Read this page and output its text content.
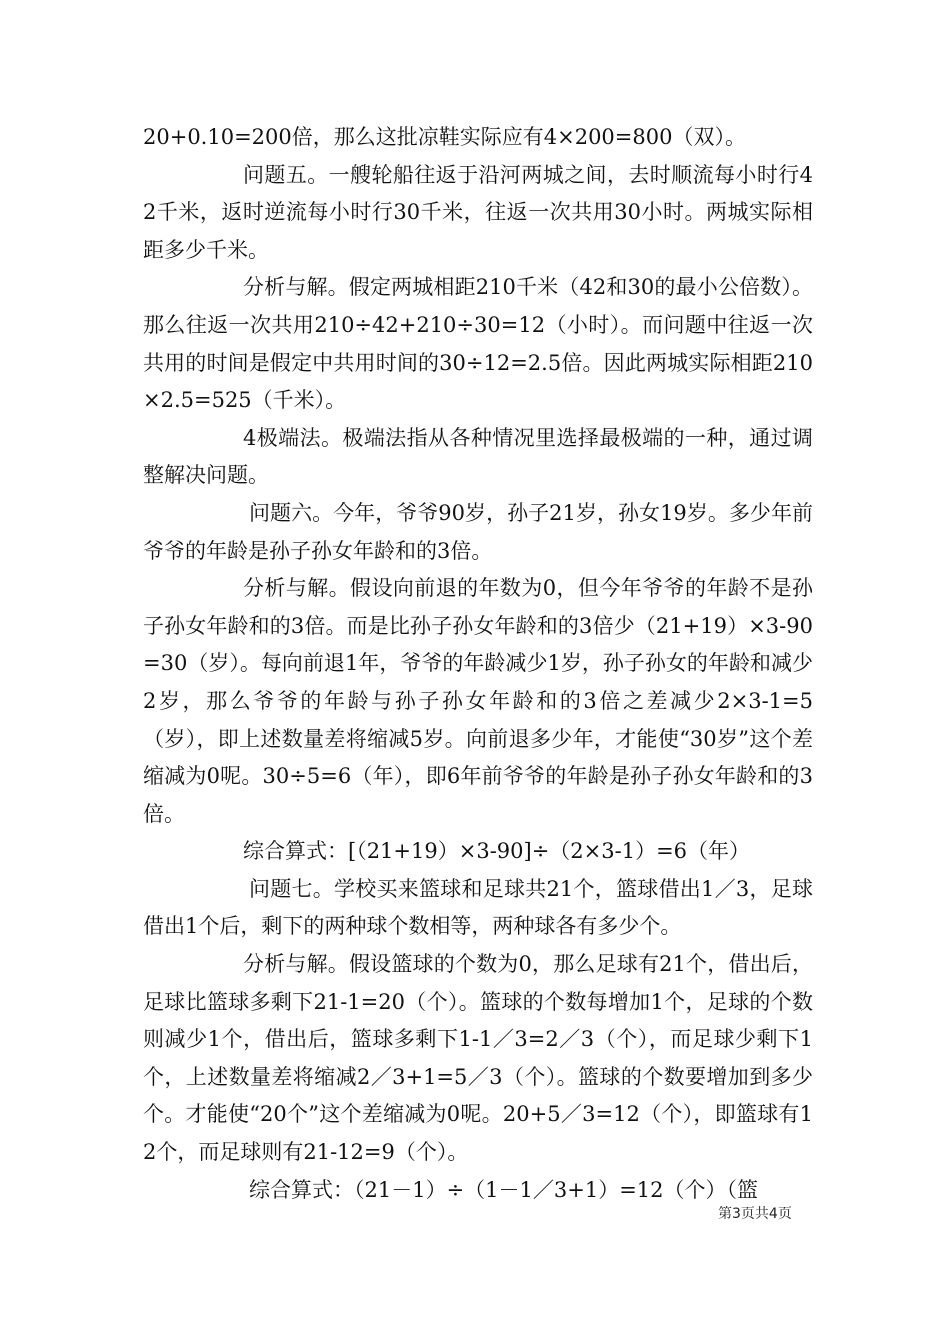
20+0.10=200倍，那么这批凉鞋实际应有4×200=800（双）。

问题五。一艘轮船往返于沿河两城之间，去时顺流每小时行42千米，返时逆流每小时行30千米，往返一次共用30小时。两城实际相距多少千米。

分析与解。假定两城相距210千米（42和30的最小公倍数）。那么往返一次共用210÷42+210÷30=12（小时）。而问题中往返一次共用的时间是假定中共用时间的30÷12=2.5倍。因此两城实际相距210×2.5=525（千米）。

4极端法。极端法指从各种情况里选择最极端的一种，通过调整解决问题。

问题六。今年，爷爷90岁，孙子21岁，孙女19岁。多少年前爷爷的年龄是孙子孙女年龄和的3倍。

分析与解。假设向前退的年数为0，但今年爷爷的年龄不是孙子孙女年龄和的3倍。而是比孙子孙女年龄和的3倍少（21+19）×3-90=30（岁）。每向前退1年，爷爷的年龄减少1岁，孙子孙女的年龄和减少2岁，那么爷爷的年龄与孙子孙女年龄和的3倍之差减少2×3-1=5（岁），即上述数量差将缩减5岁。向前退多少年，才能使“30岁”这个差缩减为0呢。30÷5=6（年），即6年前爷爷的年龄是孙子孙女年龄和的3倍。

综合算式：[（21+19）×3-90]÷（2×3-1）=6（年）

问题七。学校买来篮球和足球共21个，篮球借出1／3，足球借出1个后，剩下的两种球个数相等，两种球各有多少个。

分析与解。假设篮球的个数为0，那么足球有21个，借出后，足球比篮球多剩下21-1=20（个）。篮球的个数每增加1个，足球的个数则减少1个，借出后，篮球多剩下1-1／3=2／3（个），而足球少剩下1个，上述数量差将缩减2／3+1=5／3（个）。篮球的个数要增加到多少个。才能使“20个”这个差缩减为0呢。20+5／3=12（个），即篮球有12个，而足球则有21-12=9（个）。

综合算式：（21－1）÷（1－1／3+1）=12（个）（篮

第3页共4页
